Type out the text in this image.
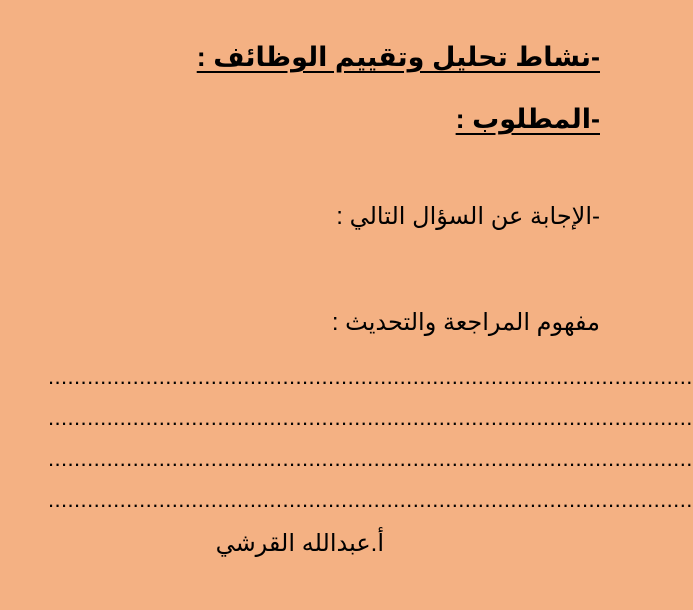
-نشاط تحليل وتقييم الوظائف :
-المطلوب :
-الإجابة عن السؤال التالي :
مفهوم المراجعة والتحديث :
...................................................................................................
...................................................................................................
...................................................................................................
...................................................................................................
أ.عبدالله القرشي
